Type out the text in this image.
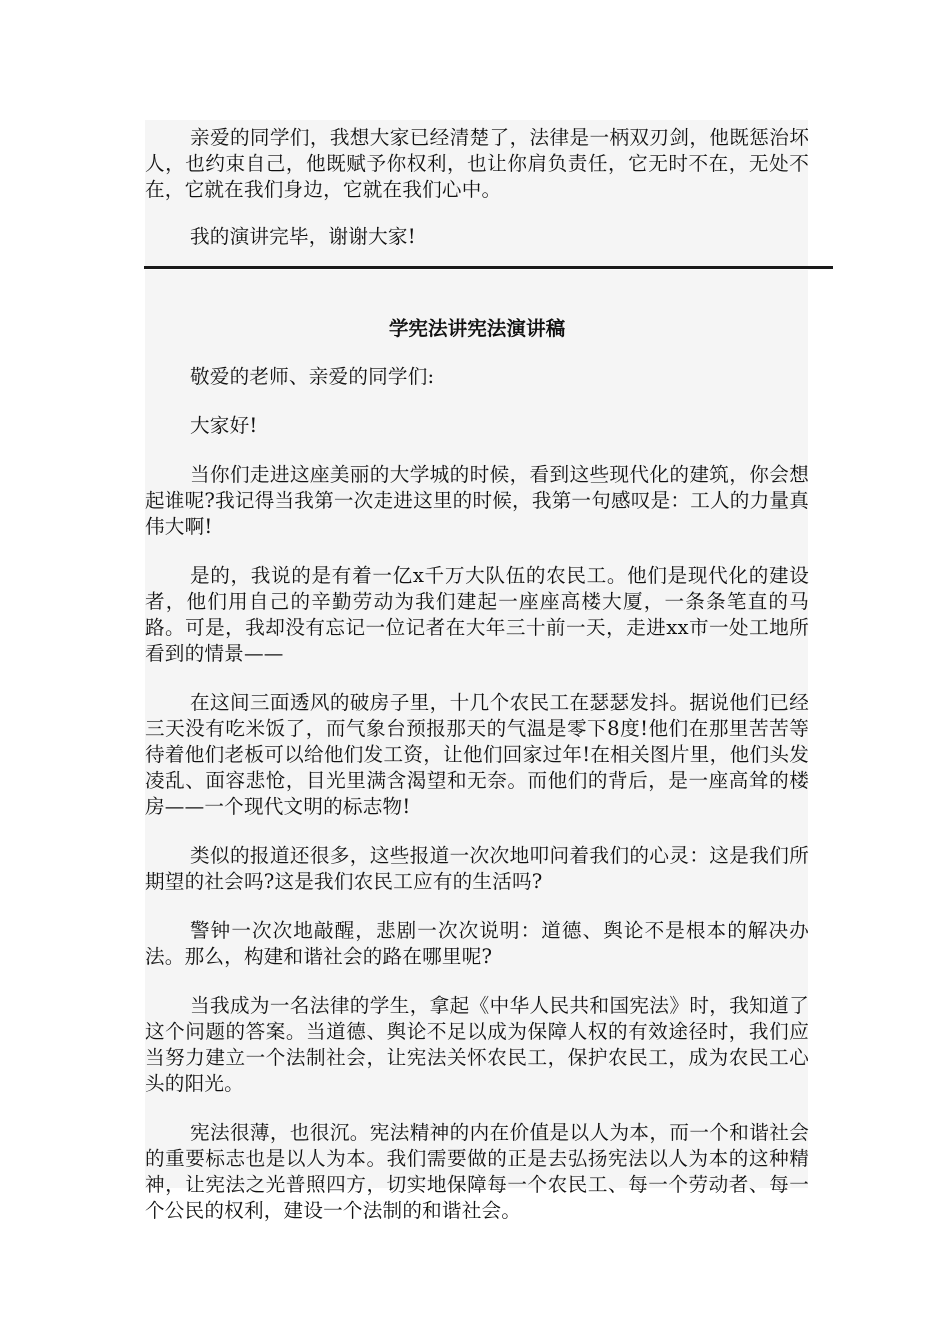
亲爱的同学们，我想大家已经清楚了，法律是一柄双刃剑，他既惩治坏人，也约束自己，他既赋予你权利，也让你肩负责任，它无时不在，无处不在，它就在我们身边，它就在我们心中。

我的演讲完毕，谢谢大家!

学宪法讲宪法演讲稿

敬爱的老师、亲爱的同学们:

大家好!

当你们走进这座美丽的大学城的时候，看到这些现代化的建筑，你会想起谁呢?我记得当我第一次走进这里的时候，我第一句感叹是：工人的力量真伟大啊!

是的，我说的是有着一亿x千万大队伍的农民工。他们是现代化的建设者，他们用自己的辛勤劳动为我们建起一座座高楼大厦，一条条笔直的马路。可是，我却没有忘记一位记者在大年三十前一天，走进xx市一处工地所看到的情景——

在这间三面透风的破房子里，十几个农民工在瑟瑟发抖。据说他们已经三天没有吃米饭了，而气象台预报那天的气温是零下8度!他们在那里苦苦等待着他们老板可以给他们发工资，让他们回家过年!在相关图片里，他们头发凌乱、面容悲怆，目光里满含渴望和无奈。而他们的背后，是一座高耸的楼房——一个现代文明的标志物!

类似的报道还很多，这些报道一次次地叩问着我们的心灵：这是我们所期望的社会吗?这是我们农民工应有的生活吗?

警钟一次次地敲醒，悲剧一次次说明：道德、舆论不是根本的解决办法。那么，构建和谐社会的路在哪里呢?

当我成为一名法律的学生，拿起《中华人民共和国宪法》时，我知道了这个问题的答案。当道德、舆论不足以成为保障人权的有效途径时，我们应当努力建立一个法制社会，让宪法关怀农民工，保护农民工，成为农民工心头的阳光。

宪法很薄，也很沉。宪法精神的内在价值是以人为本，而一个和谐社会的重要标志也是以人为本。我们需要做的正是去弘扬宪法以人为本的这种精神，让宪法之光普照四方，切实地保障每一个农民工、每一个劳动者、每一个公民的权利，建设一个法制的和谐社会。
